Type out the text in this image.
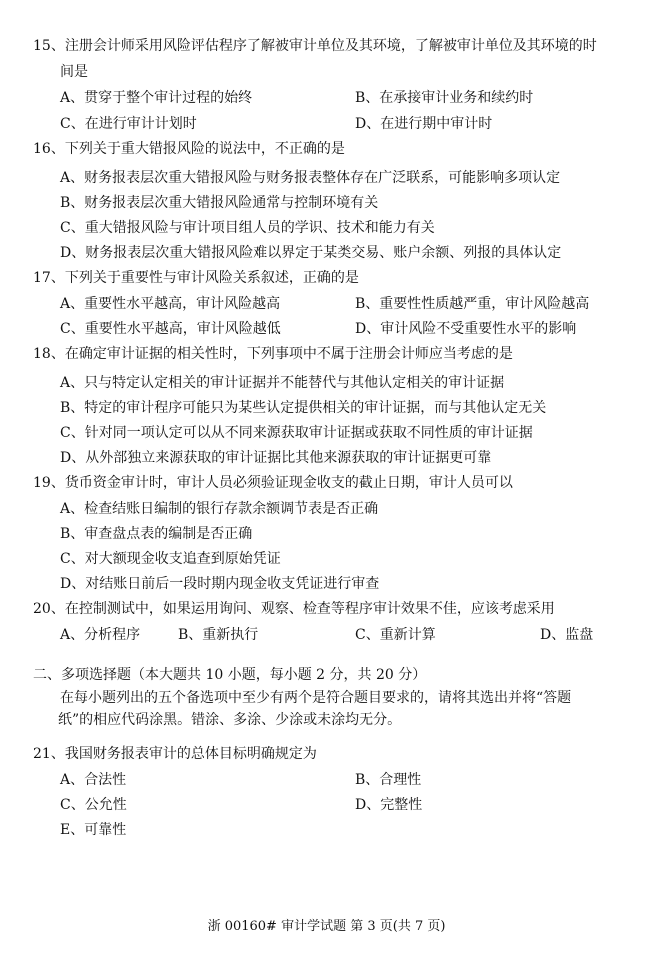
15、注册会计师采用风险评估程序了解被审计单位及其环境，了解被审计单位及其环境的时
间是
A、贯穿于整个审计过程的始终	B、在承接审计业务和续约时
C、在进行审计计划时	D、在进行期中审计时
16、下列关于重大错报风险的说法中，不正确的是
A、财务报表层次重大错报风险与财务报表整体存在广泛联系，可能影响多项认定
B、财务报表层次重大错报风险通常与控制环境有关
C、重大错报风险与审计项目组人员的学识、技术和能力有关
D、财务报表层次重大错报风险难以界定于某类交易、账户余额、列报的具体认定
17、下列关于重要性与审计风险关系叙述，正确的是
A、重要性水平越高，审计风险越高	B、重要性性质越严重，审计风险越高
C、重要性水平越高，审计风险越低	D、审计风险不受重要性水平的影响
18、在确定审计证据的相关性时，下列事项中不属于注册会计师应当考虑的是
A、只与特定认定相关的审计证据并不能替代与其他认定相关的审计证据
B、特定的审计程序可能只为某些认定提供相关的审计证据，而与其他认定无关
C、针对同一项认定可以从不同来源获取审计证据或获取不同性质的审计证据
D、从外部独立来源获取的审计证据比其他来源获取的审计证据更可靠
19、货币资金审计时，审计人员必须验证现金收支的截止日期，审计人员可以
A、检查结账日编制的银行存款余额调节表是否正确
B、审查盘点表的编制是否正确
C、对大额现金收支追查到原始凭证
D、对结账日前后一段时期内现金收支凭证进行审查
20、在控制测试中，如果运用询问、观察、检查等程序审计效果不佳，应该考虑采用
A、分析程序	B、重新执行	C、重新计算	D、监盘
二、多项选择题（本大题共 10 小题，每小题 2 分，共 20 分）
在每小题列出的五个备选项中至少有两个是符合题目要求的，请将其选出并将“答题
纸”的相应代码涂黑。错涂、多涂、少涂或未涂均无分。
21、我国财务报表审计的总体目标明确规定为
A、合法性	B、合理性
C、公允性	D、完整性
E、可靠性
浙 00160# 审计学试题 第 3 页(共 7 页)
